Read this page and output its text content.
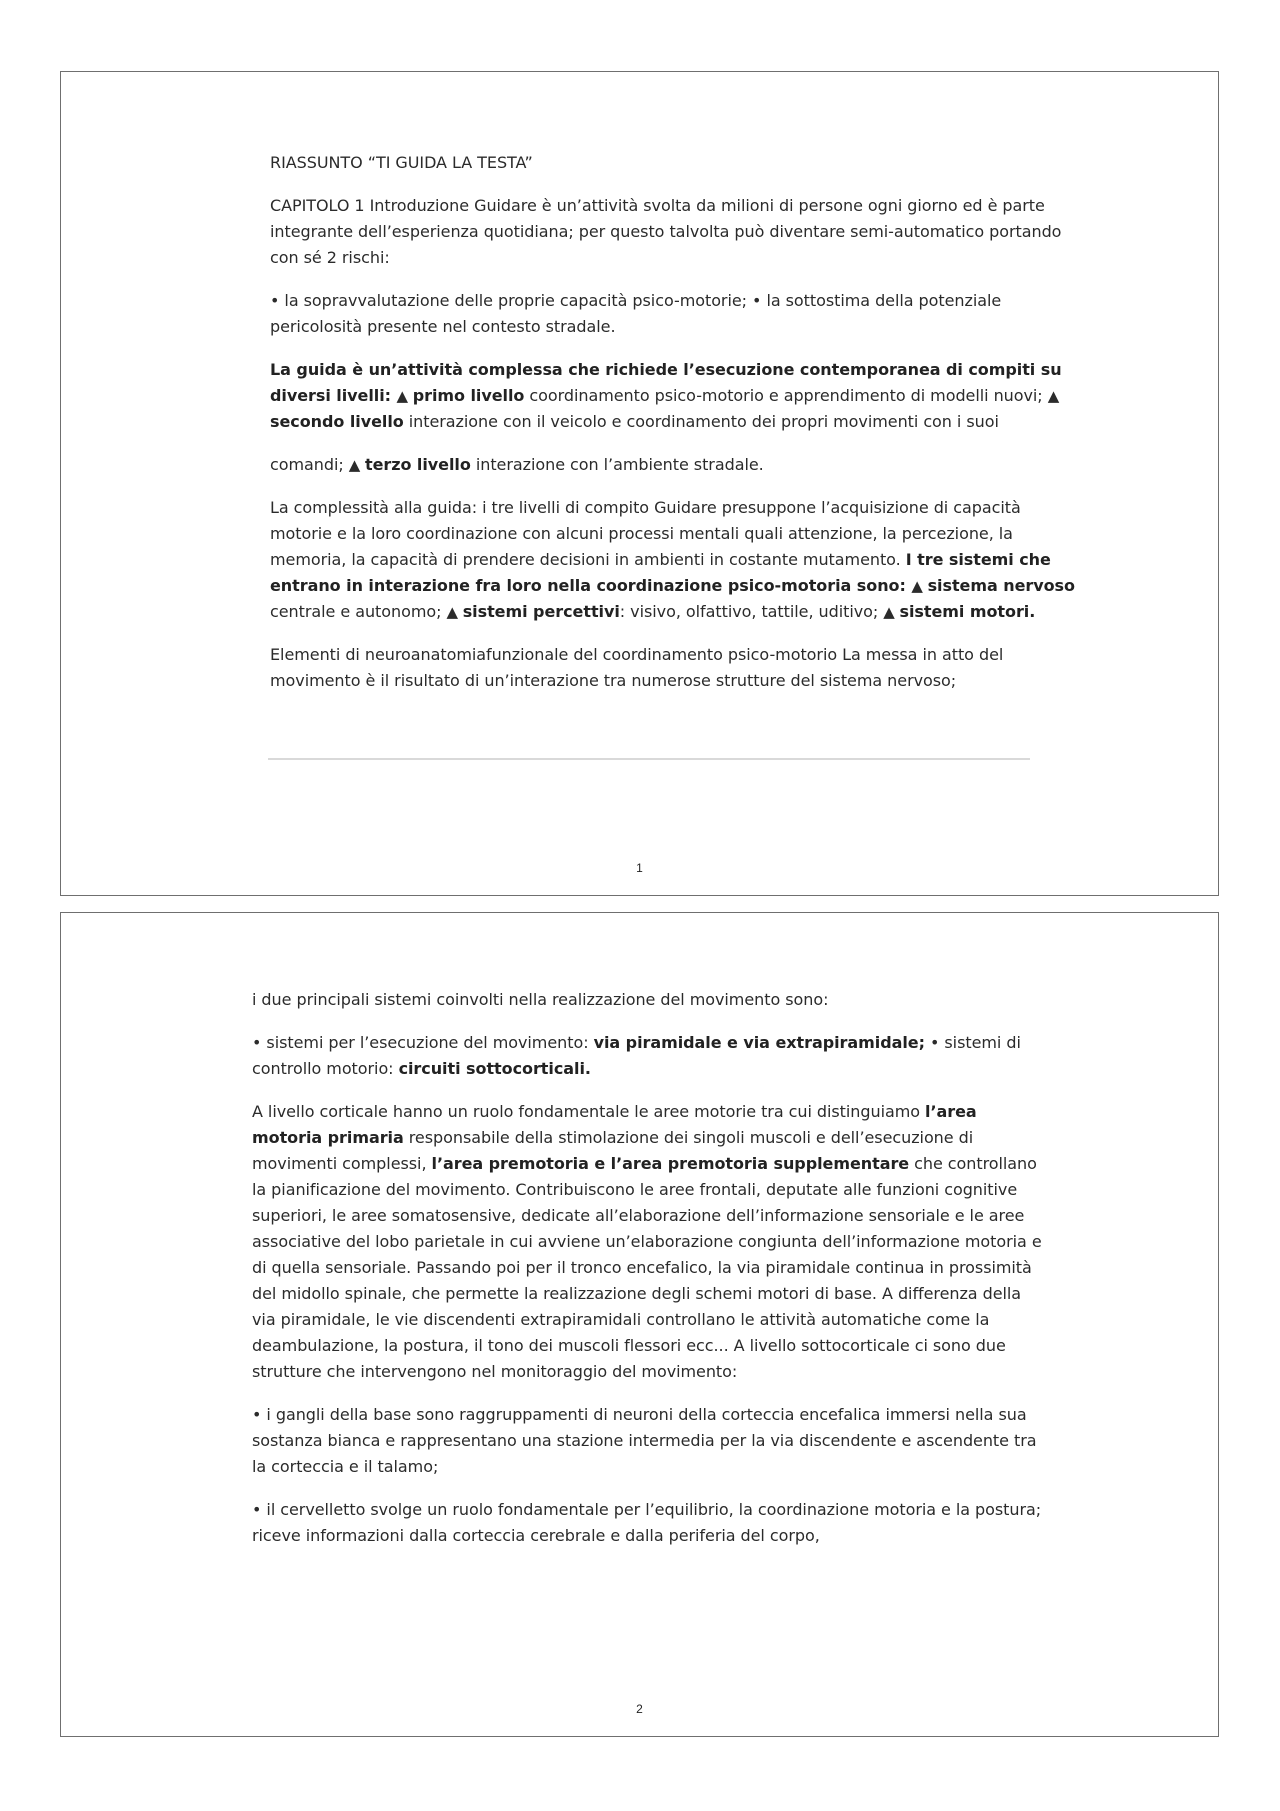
RIASSUNTO “TI GUIDA LA TESTA”

CAPITOLO 1 Introduzione Guidare è un’attività svolta da milioni di persone ogni giorno ed è parte integrante dell’esperienza quotidiana; per questo talvolta può diventare semi-automatico portando con sé 2 rischi:

• la sopravvalutazione delle proprie capacità psico-motorie; • la sottostima della potenziale pericolosità presente nel contesto stradale.

La guida è un’attività complessa che richiede l’esecuzione contemporanea di compiti su diversi livelli: ▲ primo livello coordinamento psico-motorio e apprendimento di modelli nuovi; ▲ secondo livello interazione con il veicolo e coordinamento dei propri movimenti con i suoi

comandi; ▲ terzo livello interazione con l’ambiente stradale.

La complessità alla guida: i tre livelli di compito Guidare presuppone l’acquisizione di capacità motorie e la loro coordinazione con alcuni processi mentali quali attenzione, la percezione, la memoria, la capacità di prendere decisioni in ambienti in costante mutamento. I tre sistemi che entrano in interazione fra loro nella coordinazione psico-motoria sono: ▲ sistema nervoso centrale e autonomo; ▲ sistemi percettivi: visivo, olfattivo, tattile, uditivo; ▲ sistemi motori.

Elementi di neuroanatomiafunzionale del coordinamento psico-motorio La messa in atto del movimento è il risultato di un’interazione tra numerose strutture del sistema nervoso;

1

i due principali sistemi coinvolti nella realizzazione del movimento sono:

• sistemi per l’esecuzione del movimento: via piramidale e via extrapiramidale; • sistemi di controllo motorio: circuiti sottocorticali.

A livello corticale hanno un ruolo fondamentale le aree motorie tra cui distinguiamo l’area motoria primaria responsabile della stimolazione dei singoli muscoli e dell’esecuzione di movimenti complessi, l’area premotoria e l’area premotoria supplementare che controllano la pianificazione del movimento. Contribuiscono le aree frontali, deputate alle funzioni cognitive superiori, le aree somatosensive, dedicate all’elaborazione dell’informazione sensoriale e le aree associative del lobo parietale in cui avviene un’elaborazione congiunta dell’informazione motoria e di quella sensoriale. Passando poi per il tronco encefalico, la via piramidale continua in prossimità del midollo spinale, che permette la realizzazione degli schemi motori di base. A differenza della via piramidale, le vie discendenti extrapiramidali controllano le attività automatiche come la deambulazione, la postura, il tono dei muscoli flessori ecc... A livello sottocorticale ci sono due strutture che intervengono nel monitoraggio del movimento:

• i gangli della base sono raggruppamenti di neuroni della corteccia encefalica immersi nella sua sostanza bianca e rappresentano una stazione intermedia per la via discendente e ascendente tra la corteccia e il talamo;

• il cervelletto svolge un ruolo fondamentale per l’equilibrio, la coordinazione motoria e la postura; riceve informazioni dalla corteccia cerebrale e dalla periferia del corpo,

2
